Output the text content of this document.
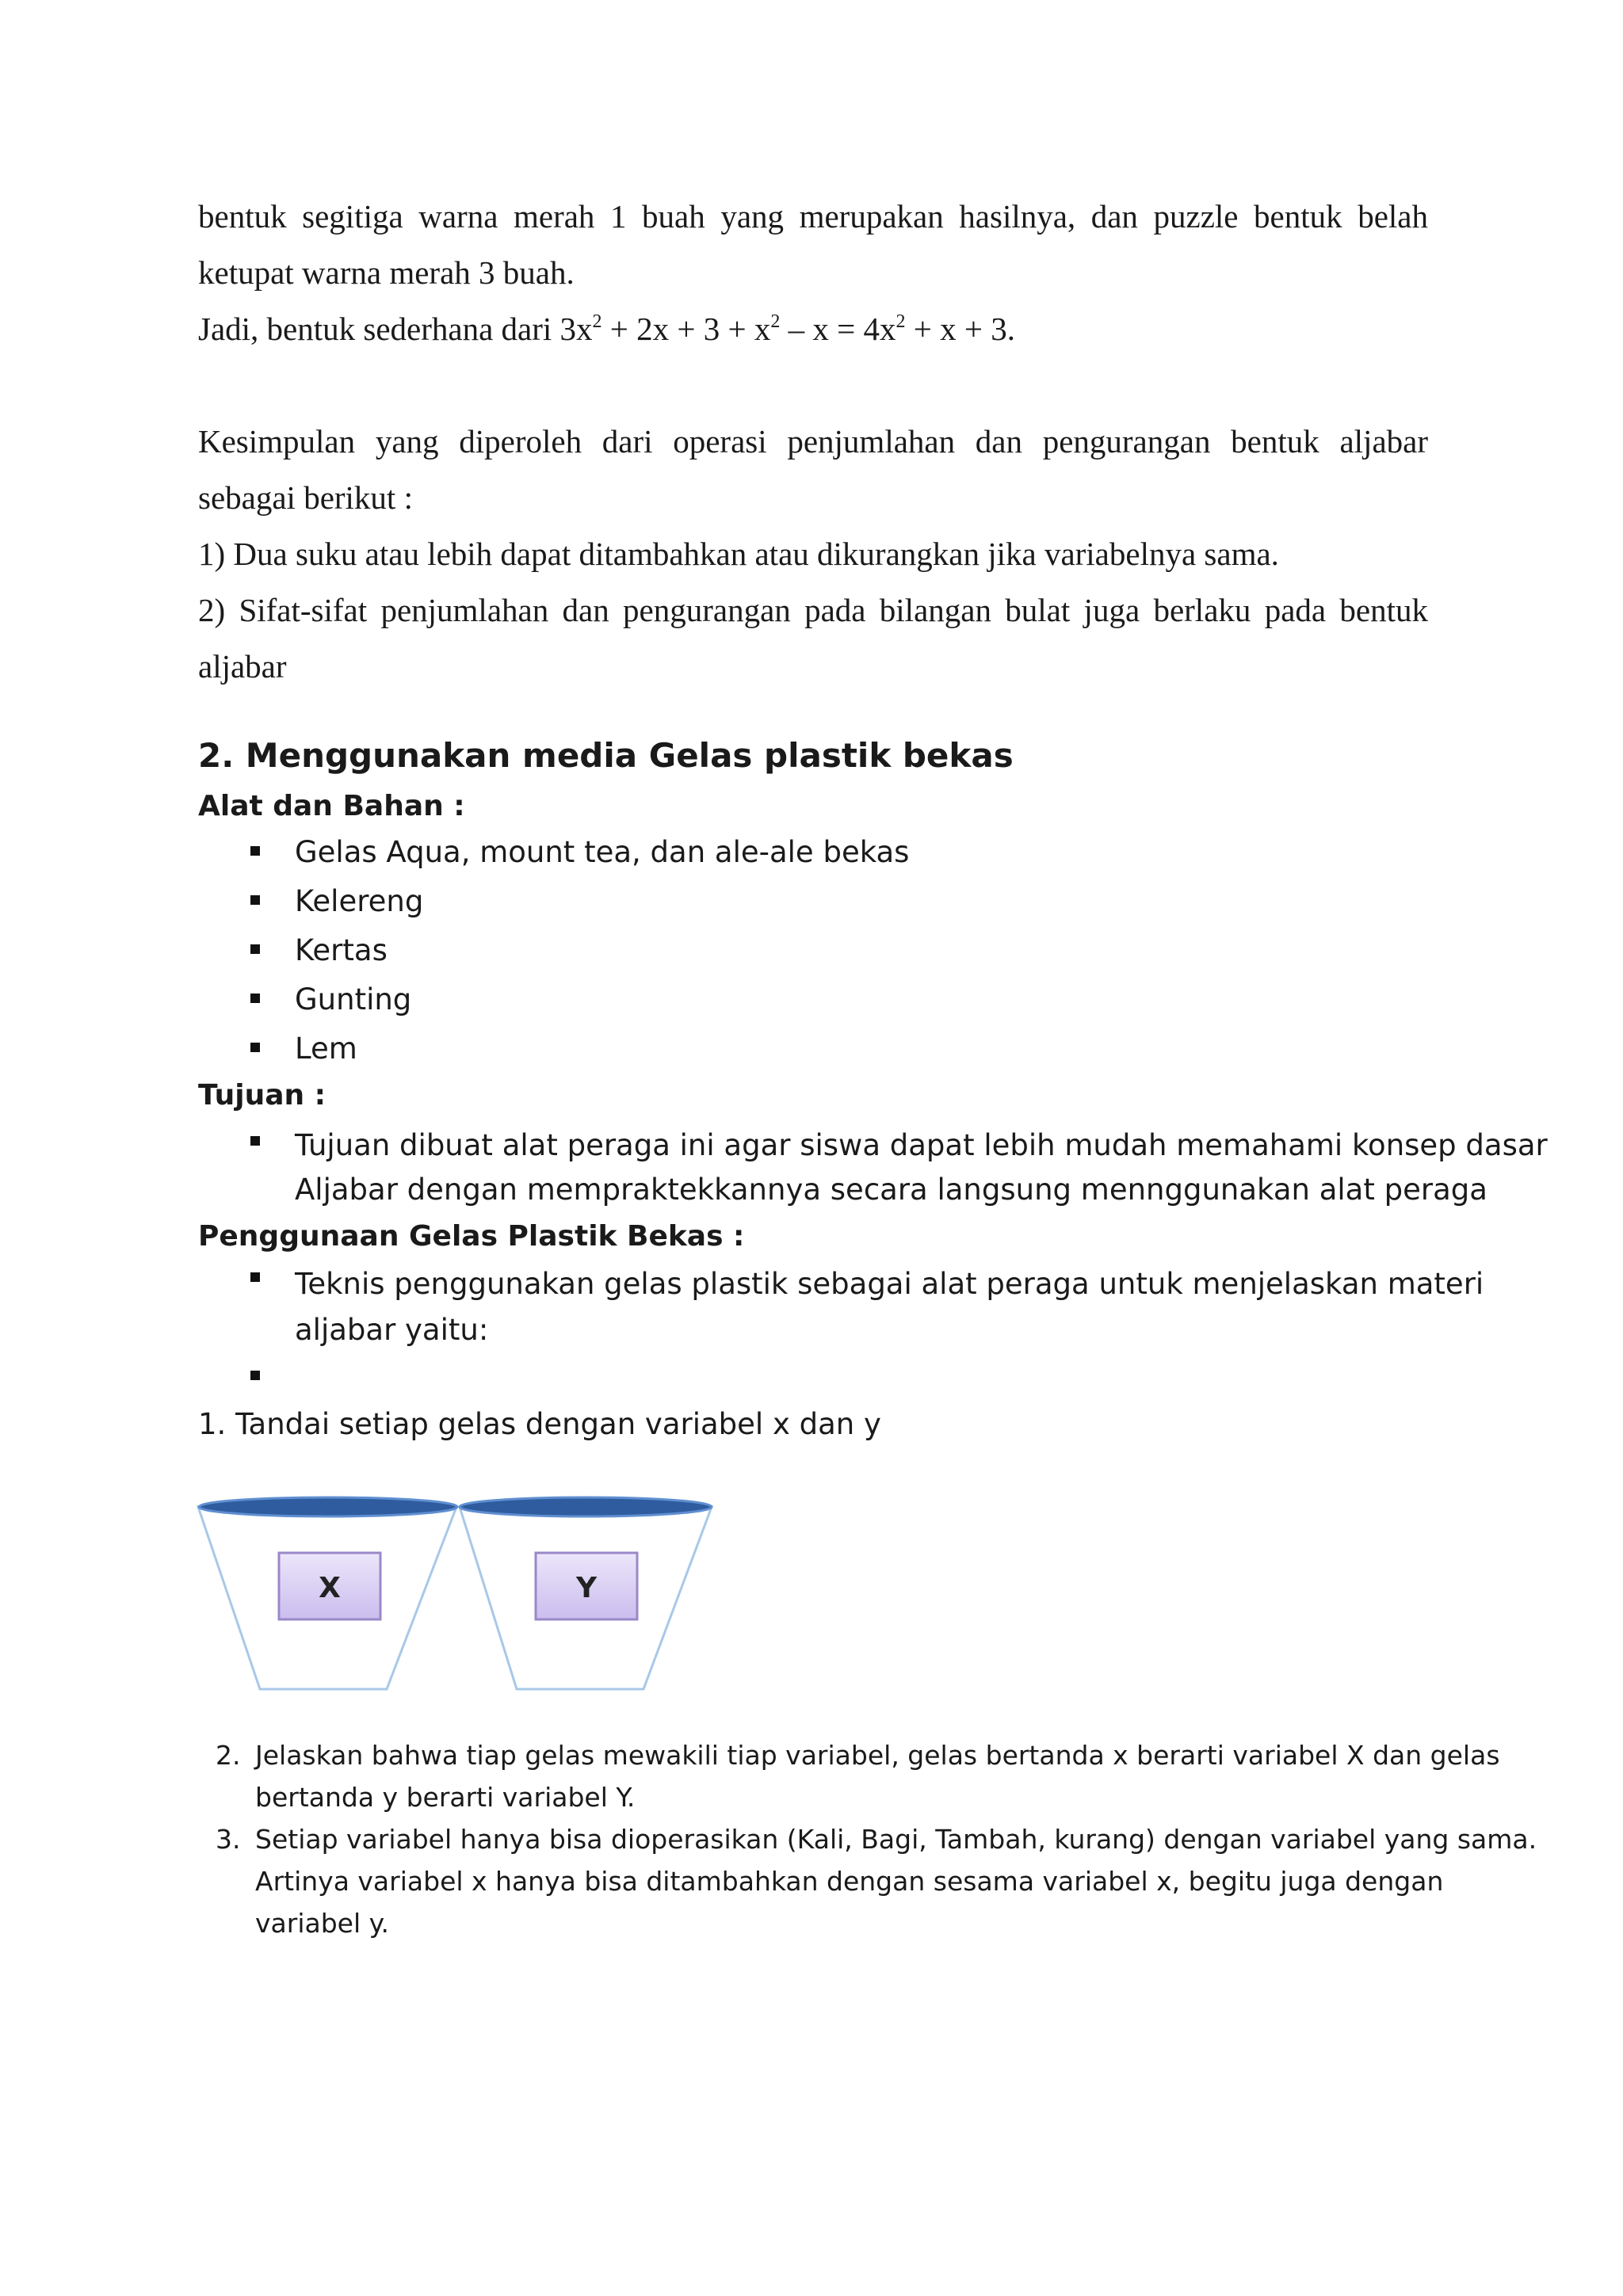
bentuk segitiga warna merah 1 buah yang merupakan hasilnya, dan puzzle bentuk belah
ketupat warna merah 3 buah.
Jadi, bentuk sederhana dari $3x^2 + 2x + 3 + x^2 - x = 4x^2 + x + 3$.
Kesimpulan yang diperoleh dari operasi penjumlahan dan pengurangan bentuk aljabar
sebagai berikut :
1) Dua suku atau lebih dapat ditambahkan atau dikurangkan jika variabelnya sama.
2) Sifat-sifat penjumlahan dan pengurangan pada bilangan bulat juga berlaku pada bentuk
aljabar
2. Menggunakan media Gelas plastik bekas
Alat dan Bahan :
Gelas Aqua, mount tea, dan ale-ale bekas
Kelereng
Kertas
Gunting
Lem
Tujuan :
Tujuan dibuat alat peraga ini agar siswa dapat lebih mudah memahami konsep dasar
Aljabar dengan mempraktekkannya secara langsung mennggunakan alat peraga
Penggunaan Gelas Plastik Bekas :
Teknis penggunakan gelas plastik sebagai alat peraga untuk menjelaskan materi
aljabar yaitu:
1. Tandai setiap gelas dengan variabel x dan y
X	Y
2. Jelaskan bahwa tiap gelas mewakili tiap variabel, gelas bertanda x berarti variabel X dan gelas
bertanda y berarti variabel Y.
3. Setiap variabel hanya bisa dioperasikan (Kali, Bagi, Tambah, kurang) dengan variabel yang sama.
Artinya variabel x hanya bisa ditambahkan dengan sesama variabel x, begitu juga dengan
variabel y.
